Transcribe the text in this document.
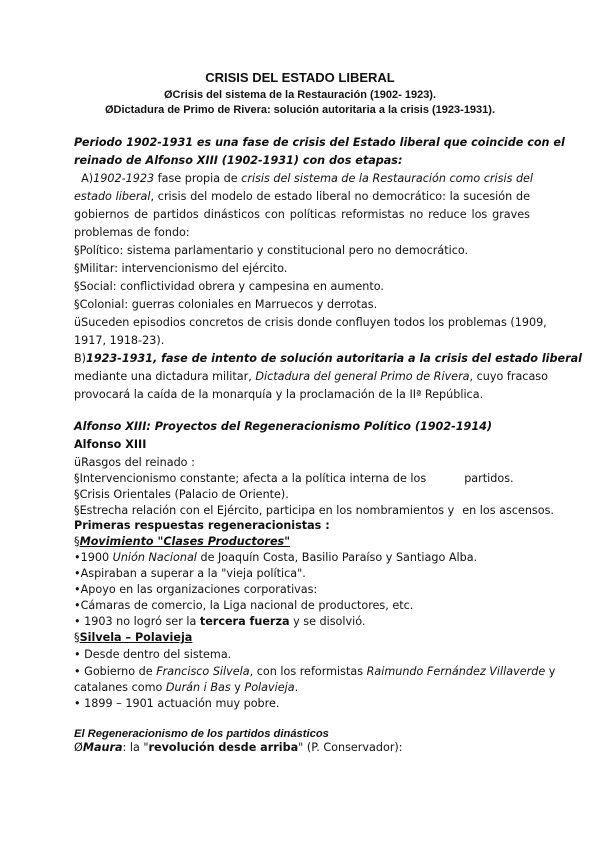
CRISIS DEL ESTADO LIBERAL
ØCrisis del sistema de la Restauración (1902- 1923).
ØDictadura de Primo de Rivera: solución autoritaria a la crisis (1923-1931).
Periodo 1902-1931 es una fase de crisis del Estado liberal que coincide con el
reinado de Alfonso XIII (1902-1931) con dos etapas:
A)1902-1923 fase propia de crisis del sistema de la Restauración como crisis del
estado liberal, crisis del modelo de estado liberal no democrático: la sucesión de
gobiernos de partidos dinásticos con políticas reformistas no reduce los graves
problemas de fondo:
§Político: sistema parlamentario y constitucional pero no democrático.
§Militar: intervencionismo del ejército.
§Social: conflictividad obrera y campesina en aumento.
§Colonial: guerras coloniales en Marruecos y derrotas.
üSuceden episodios concretos de crisis donde confluyen todos los problemas (1909,
1917, 1918-23).
B)1923-1931, fase de intento de solución autoritaria a la crisis del estado liberal
mediante una dictadura militar, Dictadura del general Primo de Rivera, cuyo fracaso
provocará la caída de la monarquía y la proclamación de la IIª República.
Alfonso XIII: Proyectos del Regeneracionismo Político (1902-1914)
Alfonso XIII
üRasgos del reinado :
§Intervencionismo constante; afecta a la política interna de los	partidos.
§Crisis Orientales (Palacio de Oriente).
§Estrecha relación con el Ejército, participa en los nombramientos y en los ascensos.
Primeras respuestas regeneracionistas :
§Movimiento "Clases Productores"
•1900 Unión Nacional de Joaquín Costa, Basilio Paraíso y Santiago Alba.
•Aspiraban a superar a la "vieja política".
•Apoyo en las organizaciones corporativas:
•Cámaras de comercio, la Liga nacional de productores, etc.
• 1903 no logró ser la tercera fuerza y se disolvió.
§Silvela – Polavieja
• Desde dentro del sistema.
• Gobierno de Francisco Silvela, con los reformistas Raimundo Fernández Villaverde y
catalanes como Durán i Bas y Polavieja.
• 1899 – 1901 actuación muy pobre.
El Regeneracionismo de los partidos dinásticos
ØMaura: la "revolución desde arriba" (P. Conservador):
